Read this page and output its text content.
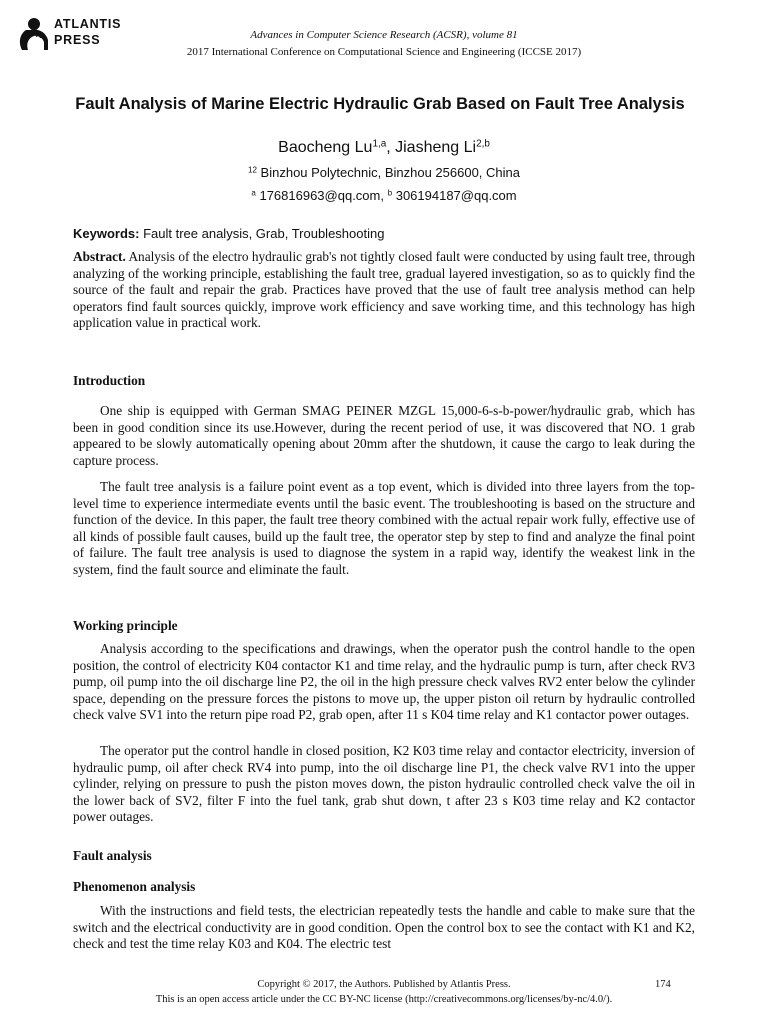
ATLANTIS
PRESS	Advances in Computer Science Research (ACSR), volume 81
2017 International Conference on Computational Science and Engineering (ICCSE 2017)
Fault Analysis of Marine Electric Hydraulic Grab Based on Fault Tree Analysis
Baocheng Lu$^{1,a}$, Jiasheng Li$^{2,b}$
$^{12}$ Binzhou Polytechnic, Binzhou 256600, China
$^a$ 176816963@qq.com, $^b$ 306194187@qq.com
Keywords: Fault tree analysis, Grab, Troubleshooting

Abstract. Analysis of the electro hydraulic grab's not tightly closed fault were conducted by using fault tree, through analyzing of the working principle, establishing the fault tree, gradual layered investigation, so as to quickly find the source of the fault and repair the grab. Practices have proved that the use of fault tree analysis method can help operators find fault sources quickly, improve work efficiency and save working time, and this technology has high application value in practical work.

Introduction

One ship is equipped with German SMAG PEINER MZGL 15,000-6-s-b-power/hydraulic grab, which has been in good condition since its use.However, during the recent period of use, it was discovered that NO. 1 grab appeared to be slowly automatically opening about 20mm after the shutdown, it cause the cargo to leak during the capture process.

The fault tree analysis is a failure point event as a top event, which is divided into three layers from the top-level time to experience intermediate events until the basic event. The troubleshooting is based on the structure and function of the device. In this paper, the fault tree theory combined with the actual repair work fully, effective use of all kinds of possible fault causes, build up the fault tree, the operator step by step to find and analyze the final point of failure. The fault tree analysis is used to diagnose the system in a rapid way, identify the weakest link in the system, find the fault source and eliminate the fault.

Working principle

Analysis according to the specifications and drawings, when the operator push the control handle to the open position, the control of electricity K04 contactor K1 and time relay, and the hydraulic pump is turn, after check RV3 pump, oil pump into the oil discharge line P2, the oil in the high pressure check valves RV2 enter below the cylinder space, depending on the pressure forces the pistons to move up, the upper piston oil return by hydraulic controlled check valve SV1 into the return pipe road P2, grab open, after 11 s K04 time relay and K1 contactor power outages.

The operator put the control handle in closed position, K2 K03 time relay and contactor electricity, inversion of hydraulic pump, oil after check RV4 into pump, into the oil discharge line P1, the check valve RV1 into the upper cylinder, relying on pressure to push the piston moves down, the piston hydraulic controlled check valve the oil in the lower back of SV2, filter F into the fuel tank, grab shut down, t after 23 s K03 time relay and K2 contactor power outages.

Fault analysis
Phenomenon analysis

With the instructions and field tests, the electrician repeatedly tests the handle and cable to make sure that the switch and the electrical conductivity are in good condition. Open the control box to see the contact with K1 and K2, check and test the time relay K03 and K04. The electric test

Copyright © 2017, the Authors. Published by Atlantis Press.	174
This is an open access article under the CC BY-NC license (http://creativecommons.org/licenses/by-nc/4.0/).
